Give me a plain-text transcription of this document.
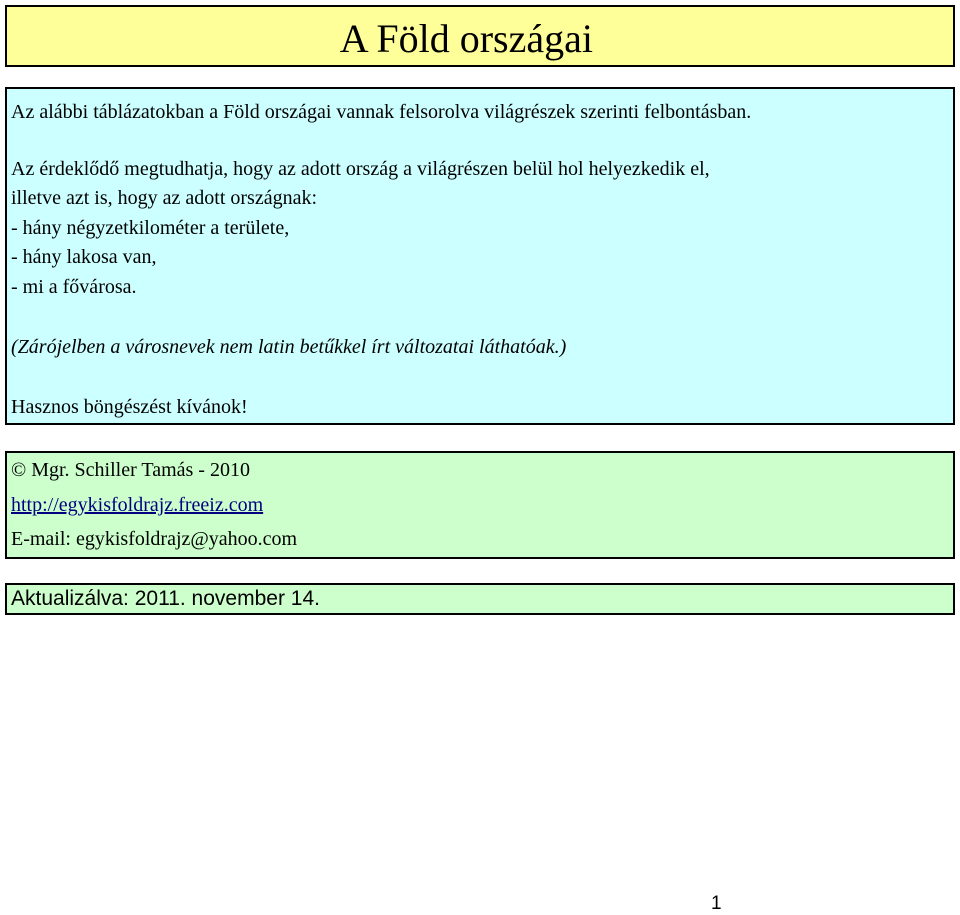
A Föld országai
Az alábbi táblázatokban a Föld országai vannak felsorolva világrészek szerinti felbontásban.
Az érdeklődő megtudhatja, hogy az adott ország a világrészen belül hol helyezkedik el,
illetve azt is, hogy az adott országnak:
- hány négyzetkilométer a területe,
- hány lakosa van,
- mi a fővárosa.
(Zárójelben a városnevek nem latin betűkkel írt változatai láthatóak.)
Hasznos böngészést kívánok!
© Mgr. Schiller Tamás - 2010
http://egykisfoldrajz.freeiz.com
E-mail: egykisfoldrajz@yahoo.com
Aktualizálva: 2011. november 14.
1
